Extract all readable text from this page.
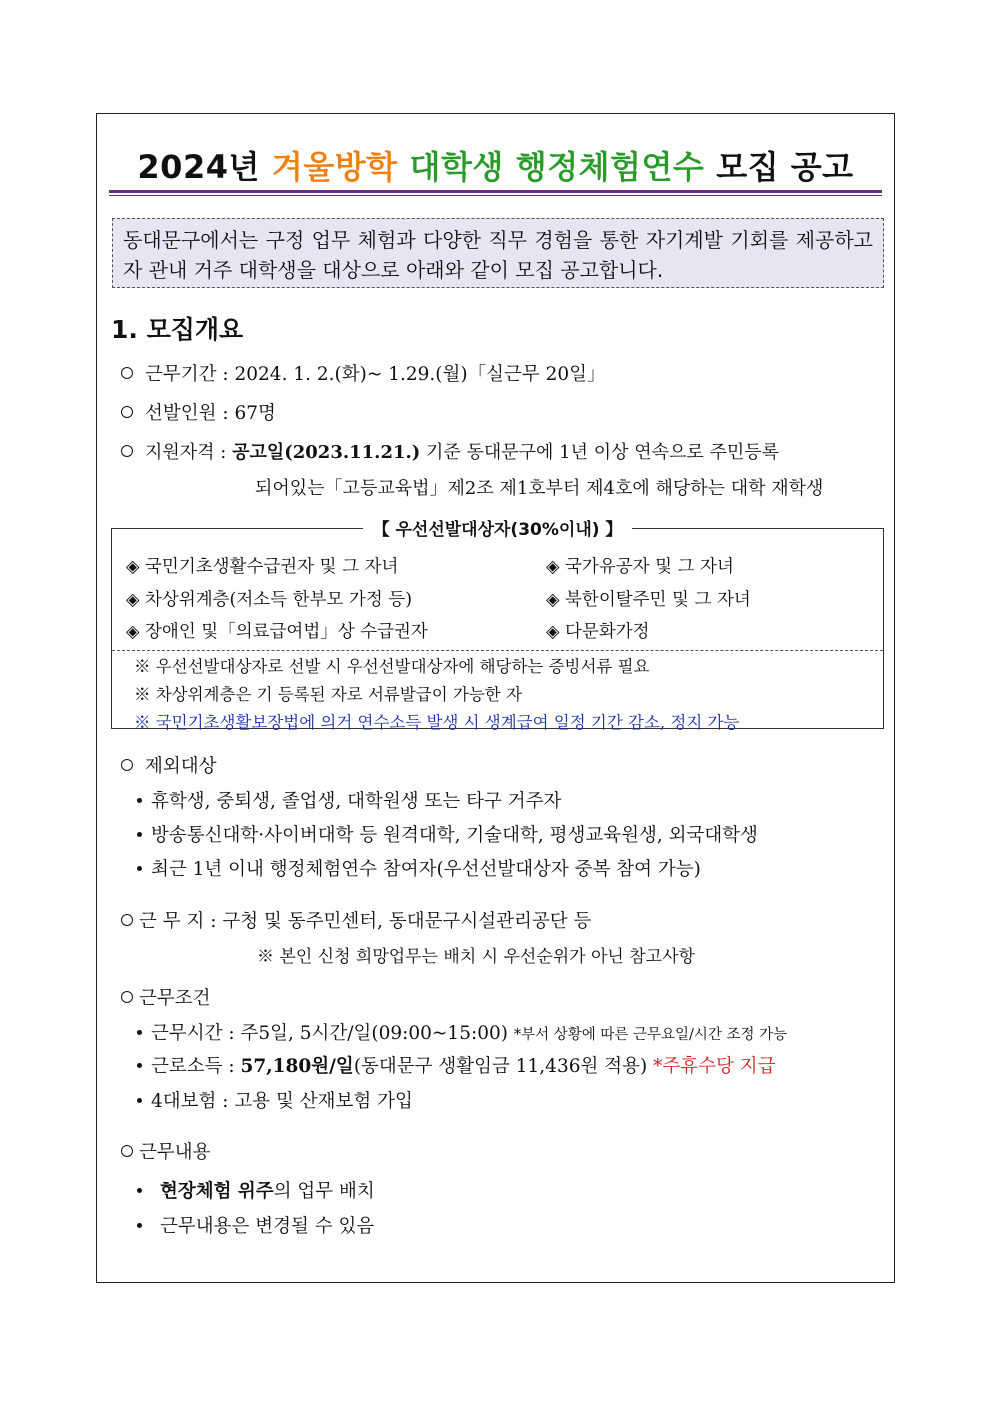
2024년 겨울방학 대학생 행정체험연수 모집 공고
동대문구에서는 구정 업무 체험과 다양한 직무 경험을 통한 자기계발 기회를 제공하고자 관내 거주 대학생을 대상으로 아래와 같이 모집 공고합니다.
1. 모집개요
근무기간 : 2024. 1. 2.(화)~ 1.29.(월)「실근무 20일」
선발인원 : 67명
지원자격 : 공고일(2023.11.21.) 기준 동대문구에 1년 이상 연속으로 주민등록
되어있는「고등교육법」제2조 제1호부터 제4호에 해당하는 대학 재학생
【 우선선발대상자(30%이내) 】
◈ 국민기초생활수급권자 및 그 자녀	◈ 국가유공자 및 그 자녀
◈ 차상위계층(저소득 한부모 가정 등)	◈ 북한이탈주민 및 그 자녀
◈ 장애인 및「의료급여법」상 수급권자	◈ 다문화가정
※ 우선선발대상자로 선발 시 우선선발대상자에 해당하는 증빙서류 필요
※ 차상위계층은 기 등록된 자로 서류발급이 가능한 자
※ 국민기초생활보장법에 의거 연수소득 발생 시 생계급여 일정 기간 감소, 정지 가능
제외대상
휴학생, 중퇴생, 졸업생, 대학원생 또는 타구 거주자
방송통신대학·사이버대학 등 원격대학, 기술대학, 평생교육원생, 외국대학생
최근 1년 이내 행정체험연수 참여자(우선선발대상자 중복 참여 가능)
근 무 지 : 구청 및 동주민센터, 동대문구시설관리공단 등
※ 본인 신청 희망업무는 배치 시 우선순위가 아닌 참고사항
근무조건
근무시간 : 주5일, 5시간/일(09:00~15:00) *부서 상황에 따른 근무요일/시간 조정 가능
근로소득 : 57,180원/일(동대문구 생활임금 11,436원 적용) *주휴수당 지급
4대보험 : 고용 및 산재보험 가입
근무내용
현장체험 위주의 업무 배치
근무내용은 변경될 수 있음
